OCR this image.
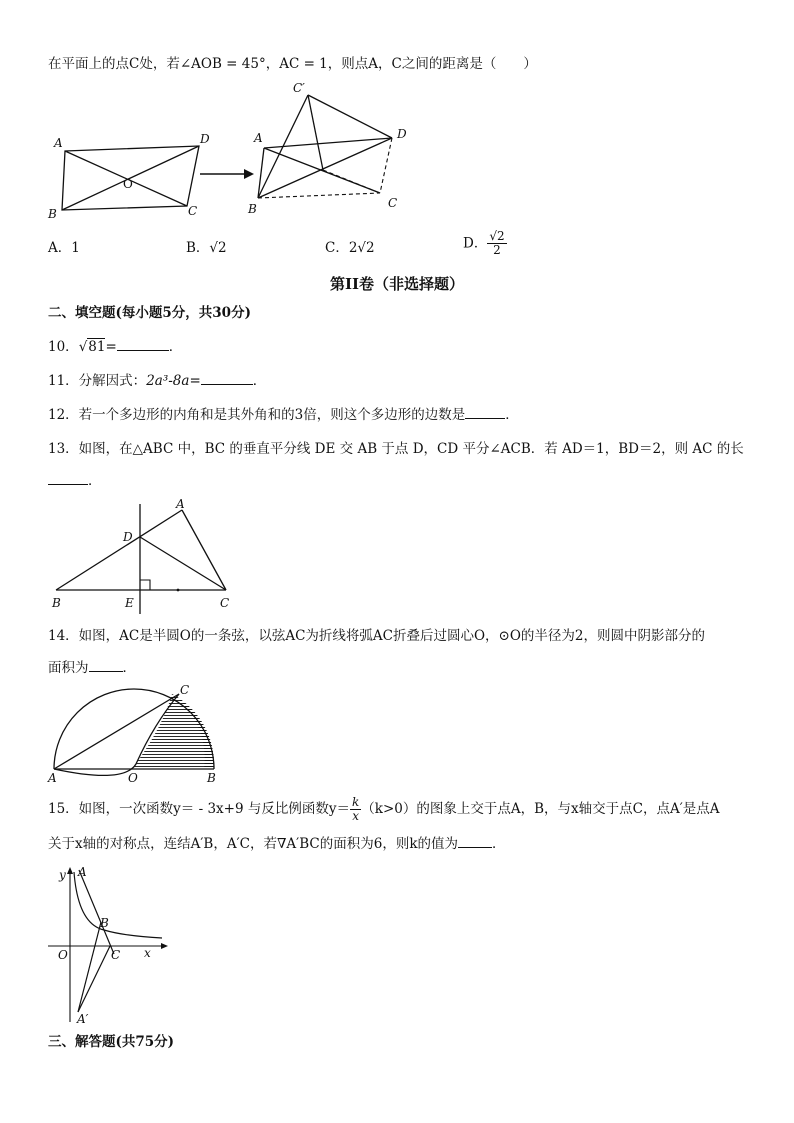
在平面上的点C处，若∠AOB = 45°，AC = 1，则点A，C之间的距离是（　　）
A	D
O
B	C
C′
A	D
B	C
A．1	B．√2	C．2√2	D． $\frac{√2}{2}$
第II卷（非选择题）
二、填空题(每小题5分，共30分)
10．√81=	．
11．分解因式：2a³-8a=	．
12．若一个多边形的内角和是其外角和的3倍，则这个多边形的边数是	．
13．如图，在△ABC 中，BC 的垂直平分线 DE 交 AB 于点 D，CD 平分∠ACB．若 AD＝1，BD＝2，则 AC 的长
．
A
D
B	E	C
14．如图，AC是半圆O的一条弦，以弦AC为折线将弧AC折叠后过圆心O，⊙O的半径为2，则圆中阴影部分的
面积为	．
C
A	O	B
15．如图，一次函数y＝ - 3x+9 与反比例函数$y= \frac{k}{x} (k>0)$的图象上交于点A，B，与x轴交于点C，点A′是点A
关于x轴的对称点，连结A′B，A′C，若∇A′BC的面积为6，则k的值为	．
y A
B
O	C x
A′
三、解答题(共75分)
